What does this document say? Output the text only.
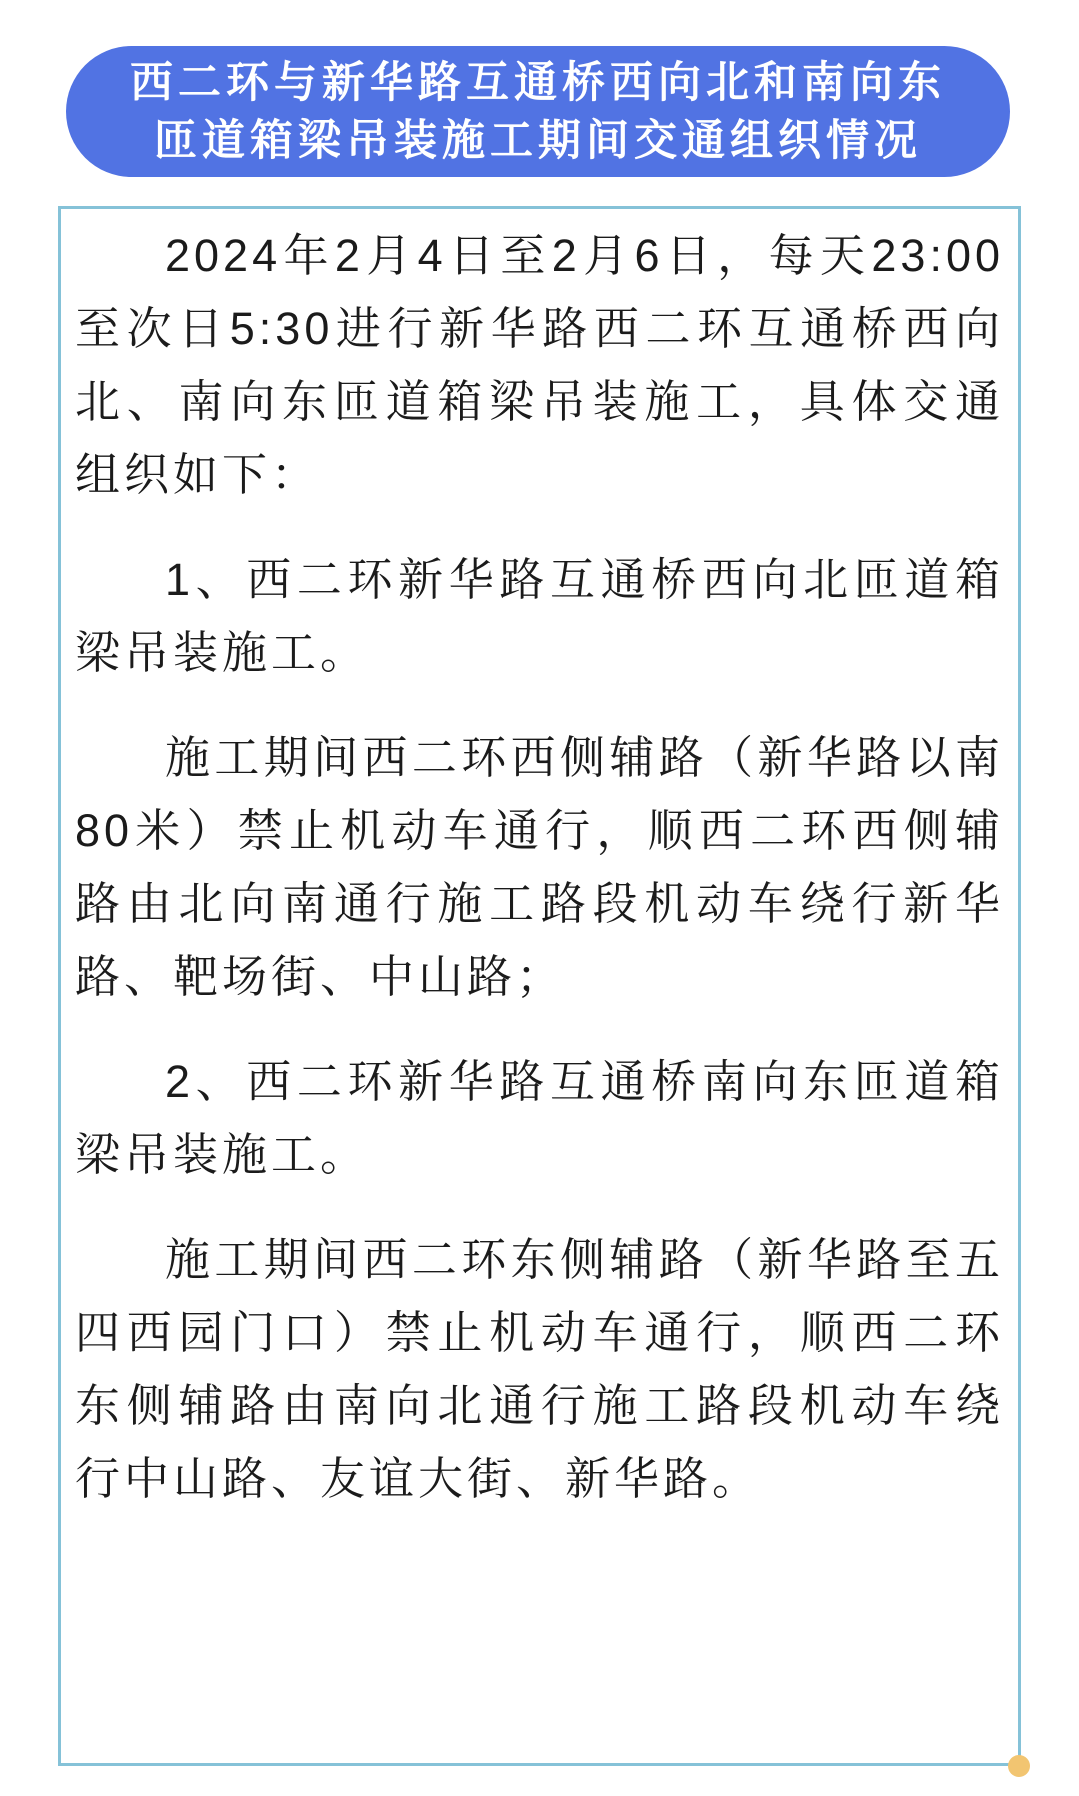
西二环与新华路互通桥西向北和南向东
匝道箱梁吊装施工期间交通组织情况

2024年2月4日至2月6日，每天23:00至次日5:30进行新华路西二环互通桥西向北、南向东匝道箱梁吊装施工，具体交通组织如下：

1、西二环新华路互通桥西向北匝道箱梁吊装施工。

施工期间西二环西侧辅路（新华路以南80米）禁止机动车通行，顺西二环西侧辅路由北向南通行施工路段机动车绕行新华路、靶场街、中山路；

2、西二环新华路互通桥南向东匝道箱梁吊装施工。

施工期间西二环东侧辅路（新华路至五四西园门口）禁止机动车通行，顺西二环东侧辅路由南向北通行施工路段机动车绕行中山路、友谊大街、新华路。
